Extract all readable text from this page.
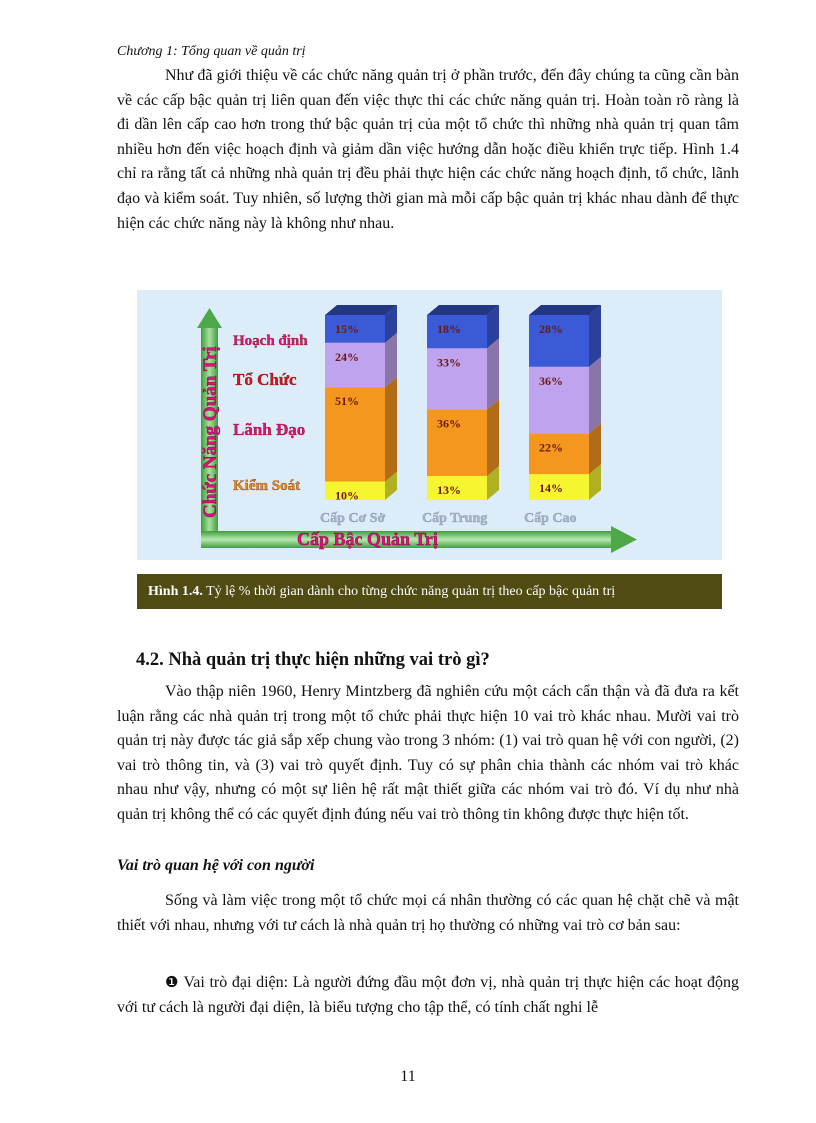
Chương 1: Tổng quan về quản trị

Như đã giới thiệu về các chức năng quản trị ở phần trước, đến đây chúng ta cũng cần bàn về các cấp bậc quản trị liên quan đến việc thực thi các chức năng quản trị. Hoàn toàn rõ ràng là đi dần lên cấp cao hơn trong thứ bậc quản trị của một tổ chức thì những nhà quản trị quan tâm nhiều hơn đến việc hoạch định và giảm dần việc hướng dẫn hoặc điều khiển trực tiếp. Hình 1.4 chỉ ra rằng tất cả những nhà quản trị đều phải thực hiện các chức năng hoạch định, tổ chức, lãnh đạo và kiểm soát. Tuy nhiên, số lượng thời gian mà mỗi cấp bậc quản trị khác nhau dành để thực hiện các chức năng này là không như nhau.

Chức Năng Quản Trị
Cấp Bậc Quản Trị
10%
51%
24%
15%
13%
36%
33%
18%
14%
22%
36%
28%
Kiểm Soát
Lãnh Đạo
Tổ Chức
Hoạch định
Cấp Cơ Sở	Cấp Trung	Cấp Cao
Hình 1.4. Tỷ lệ % thời gian dành cho từng chức năng quản trị theo cấp bậc quản trị
4.2. Nhà quản trị thực hiện những vai trò gì?

Vào thập niên 1960, Henry Mintzberg đã nghiên cứu một cách cẩn thận và đã đưa ra kết luận rằng các nhà quản trị trong một tổ chức phải thực hiện 10 vai trò khác nhau. Mười vai trò quản trị này được tác giả sắp xếp chung vào trong 3 nhóm: (1) vai trò quan hệ với con người, (2) vai trò thông tin, và (3) vai trò quyết định. Tuy có sự phân chia thành các nhóm vai trò khác nhau như vậy, nhưng có một sự liên hệ rất mật thiết giữa các nhóm vai trò đó. Ví dụ như nhà quản trị không thể có các quyết định đúng nếu vai trò thông tin không được thực hiện tốt.

Vai trò quan hệ với con người

Sống và làm việc trong một tổ chức mọi cá nhân thường có các quan hệ chặt chẽ và mật thiết với nhau, nhưng với tư cách là nhà quản trị họ thường có những vai trò cơ bản sau:

❶ Vai trò đại diện: Là người đứng đầu một đơn vị, nhà quản trị thực hiện các hoạt động với tư cách là người đại diện, là biểu tượng cho tập thể, có tính chất nghi lễ

11
